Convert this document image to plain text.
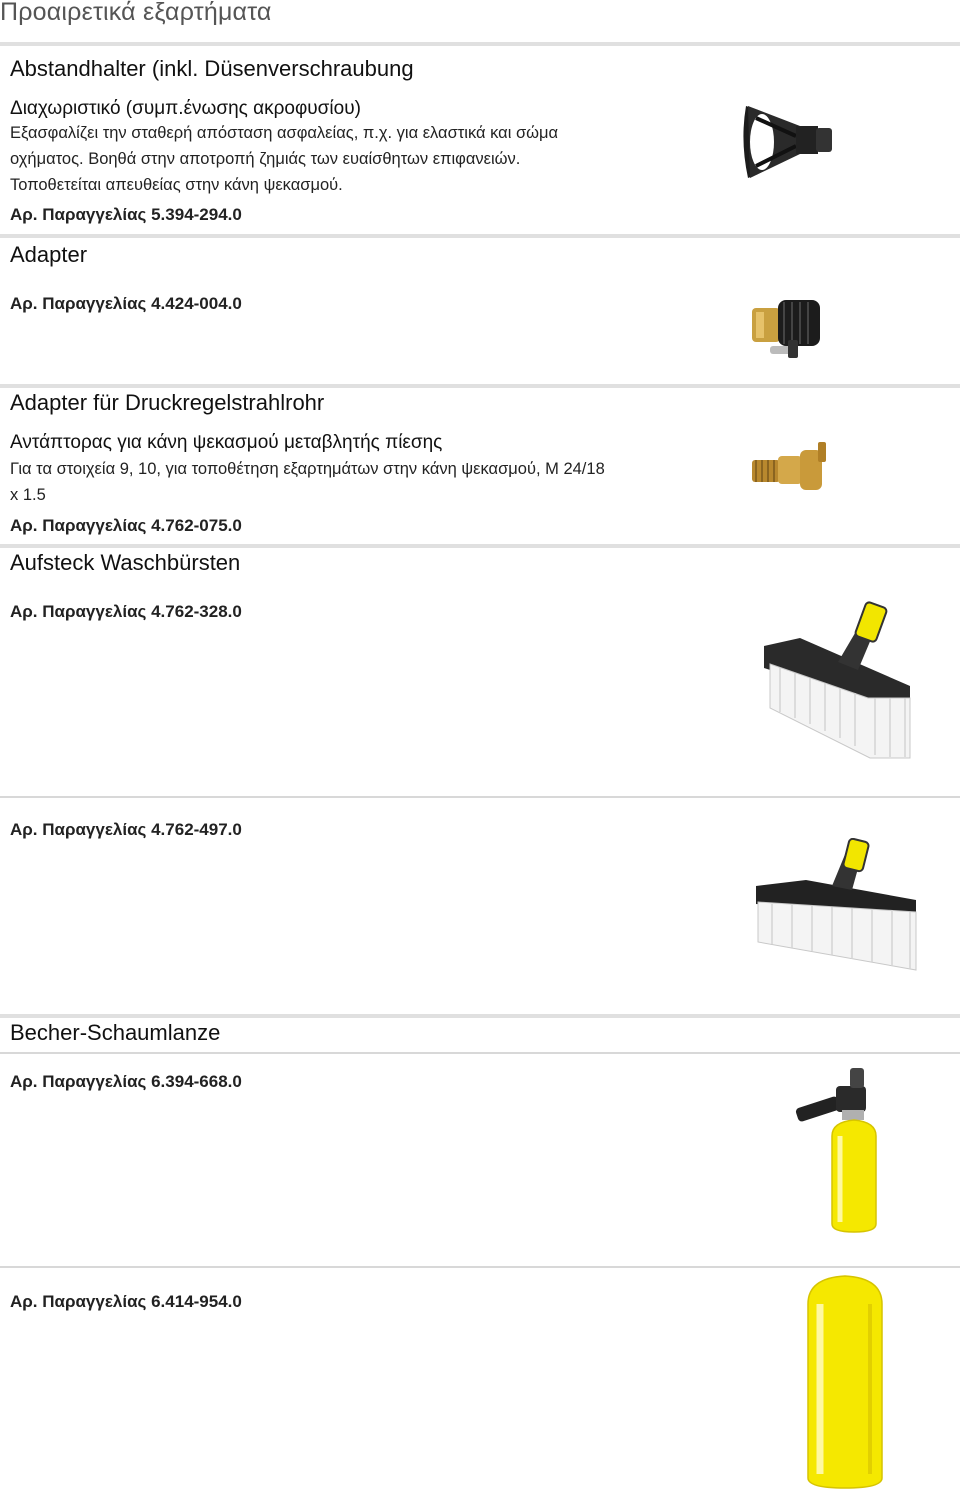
Προαιρετικά εξαρτήματα
Abstandhalter (inkl. Düsenverschraubung
Διαχωριστικό (συμπ.ένωσης ακροφυσίου)
Εξασφαλίζει την σταθερή απόσταση ασφαλείας, π.χ. για ελαστικά και σώμα
οχήματος. Βοηθά στην αποτροπή ζημιάς των ευαίσθητων επιφανειών.
Τοποθετείται απευθείας στην κάνη ψεκασμού.
Αρ. Παραγγελίας 5.394-294.0
Adapter
Αρ. Παραγγελίας 4.424-004.0
Adapter für Druckregelstrahlrohr
Αντάπτορας για κάνη ψεκασμού μεταβλητής πίεσης
Για τα στοιχεία 9, 10, για τοποθέτηση εξαρτημάτων στην κάνη ψεκασμού, M 24/18
x 1.5
Αρ. Παραγγελίας 4.762-075.0
Aufsteck Waschbürsten
Αρ. Παραγγελίας 4.762-328.0
Αρ. Παραγγελίας 4.762-497.0
Becher-Schaumlanze
Αρ. Παραγγελίας 6.394-668.0
Αρ. Παραγγελίας 6.414-954.0
